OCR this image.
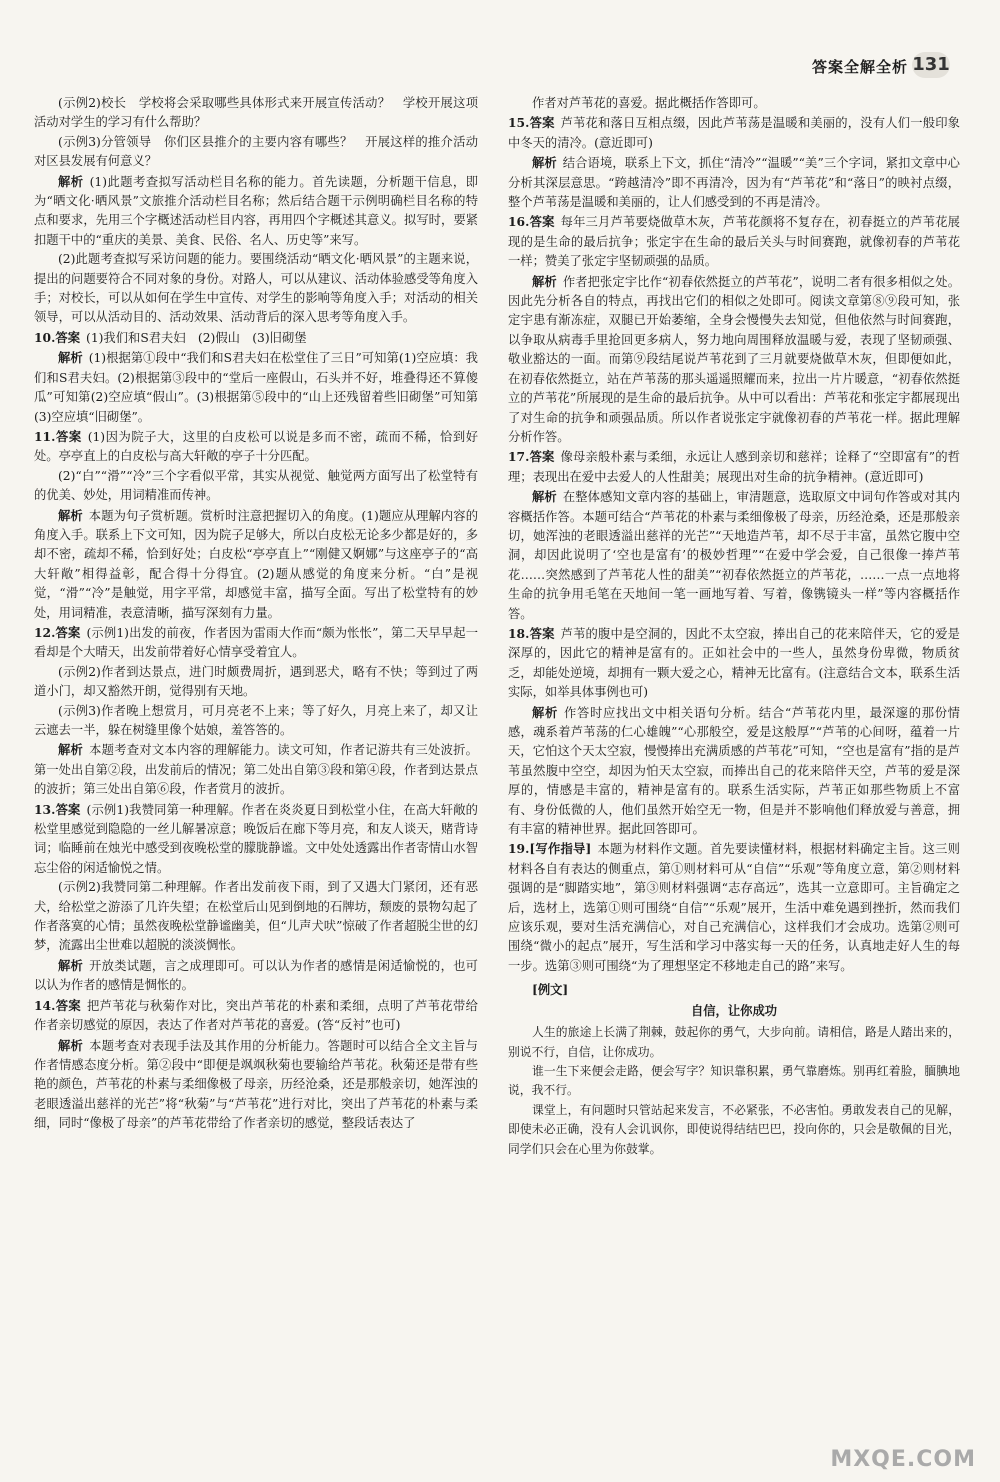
答案全解全析 131

(示例2)校长　学校将会采取哪些具体形式来开展宣传活动？　学校开展这项活动对学生的学习有什么帮助？

(示例3)分管领导　你们区县推介的主要内容有哪些？　开展这样的推介活动对区县发展有何意义？

解析 (1)此题考查拟写活动栏目名称的能力。首先读题，分析题干信息，即为“晒文化·晒风景”文旅推介活动栏目名称；然后结合题干示例明确栏目名称的特点和要求，先用三个字概述活动栏目内容，再用四个字概述其意义。拟写时，要紧扣题干中的“重庆的美景、美食、民俗、名人、历史等”来写。

(2)此题考查拟写采访问题的能力。要围绕活动“晒文化·晒风景”的主题来说，提出的问题要符合不同对象的身份。对路人，可以从建议、活动体验感受等角度入手；对校长，可以从如何在学生中宣传、对学生的影响等角度入手；对活动的相关领导，可以从活动目的、活动效果、活动背后的深入思考等角度入手。

10.答案 (1)我们和S君夫妇　(2)假山　(3)旧砌堡

解析 (1)根据第①段中“我们和S君夫妇在松堂住了三日”可知第(1)空应填：我们和S君夫妇。(2)根据第③段中的“堂后一座假山，石头并不好，堆叠得还不算傻瓜”可知第(2)空应填“假山”。(3)根据第⑤段中的“山上还残留着些旧砌堡”可知第(3)空应填“旧砌堡”。

11.答案 (1)因为院子大，这里的白皮松可以说是多而不密，疏而不稀，恰到好处。亭亭直上的白皮松与高大轩敞的亭子十分匹配。

(2)“白”“滑”“冷”三个字看似平常，其实从视觉、触觉两方面写出了松堂特有的优美、妙处，用词精准而传神。

解析 本题为句子赏析题。赏析时注意把握切入的角度。(1)题应从理解内容的角度入手。联系上下文可知，因为院子足够大，所以白皮松无论多少都是好的，多却不密，疏却不稀，恰到好处；白皮松“亭亭直上”“刚健又婀娜”与这座亭子的“高大轩敞”相得益彰，配合得十分得宜。(2)题从感觉的角度来分析。“白”是视觉，“滑”“冷”是触觉，用字平常，却感觉丰富，描写全面。写出了松堂特有的妙处，用词精准，表意清晰，描写深刻有力量。

12.答案 (示例1)出发的前夜，作者因为雷雨大作而“颇为怅怅”，第二天早早起一看却是个大晴天，出发前带着好心情享受着宜人。

(示例2)作者到达景点，进门时颇费周折，遇到恶犬，略有不快；等到过了两道小门，却又豁然开朗，觉得别有天地。

(示例3)作者晚上想赏月，可月亮老不上来；等了好久，月亮上来了，却又让云遮去一半，躲在树缝里像个姑娘，羞答答的。

解析 本题考查对文本内容的理解能力。读文可知，作者记游共有三处波折。第一处出自第②段，出发前后的情况；第二处出自第③段和第④段，作者到达景点的波折；第三处出自第⑥段，作者赏月的波折。

13.答案 (示例1)我赞同第一种理解。作者在炎炎夏日到松堂小住，在高大轩敞的松堂里感觉到隐隐的一丝儿解暑凉意；晚饭后在廊下等月亮，和友人谈天，赌背诗词；临睡前在烛光中感受到夜晚松堂的朦胧静谧。文中处处透露出作者寄情山水智忘尘俗的闲适愉悦之情。

(示例2)我赞同第二种理解。作者出发前夜下雨，到了又遇大门紧闭，还有恶犬，给松堂之游添了几许失望；在松堂后山见到倒地的石牌坊，颓废的景物勾起了作者落寞的心情；虽然夜晚松堂静谧幽美，但“儿声犬吠”惊破了作者超脱尘世的幻梦，流露出尘世难以超脱的淡淡惆怅。

解析 开放类试题，言之成理即可。可以认为作者的感情是闲适愉悦的，也可以认为作者的感情是惆怅的。

14.答案 把芦苇花与秋菊作对比，突出芦苇花的朴素和柔细，点明了芦苇花带给作者亲切感觉的原因，表达了作者对芦苇花的喜爱。(答“反衬”也可)

解析 本题考查对表现手法及其作用的分析能力。答题时可以结合全文主旨与作者情感态度分析。第②段中“即便是飒飒秋菊也要输给芦苇花。秋菊还是带有些艳的颜色，芦苇花的朴素与柔细像极了母亲，历经沧桑，还是那般亲切，她浑浊的老眼透溢出慈祥的光芒”将“秋菊”与“芦苇花”进行对比，突出了芦苇花的朴素与柔细，同时“像极了母亲”的芦苇花带给了作者亲切的感觉，整段话表达了

作者对芦苇花的喜爱。据此概括作答即可。

15.答案 芦苇花和落日互相点缀，因此芦苇荡是温暖和美丽的，没有人们一般印象中冬天的清冷。(意近即可)

解析 结合语境，联系上下文，抓住“清冷”“温暖”“美”三个字词，紧扣文章中心分析其深层意思。“跨越清冷”即不再清冷，因为有“芦苇花”和“落日”的映衬点缀，整个芦苇荡是温暖和美丽的，让人们感受到的不再是清冷。

16.答案 每年三月芦苇要烧做草木灰，芦苇花颜将不复存在，初春挺立的芦苇花展现的是生命的最后抗争；张定宇在生命的最后关头与时间赛跑，就像初春的芦苇花一样；赞美了张定宇坚韧顽强的品质。

解析 作者把张定宇比作“初春依然挺立的芦苇花”，说明二者有很多相似之处。因此先分析各自的特点，再找出它们的相似之处即可。阅读文章第⑧⑨段可知，张定宇患有渐冻症，双腿已开始萎缩，全身会慢慢失去知觉，但他依然与时间赛跑，以争取从病毒手里抢回更多病人，努力地向周围释放温暖与爱，表现了坚韧顽强、敬业豁达的一面。而第⑨段结尾说芦苇花到了三月就要烧做草木灰，但即便如此，在初春依然挺立，站在芦苇荡的那头遥遥照耀而来，拉出一片片暖意，“初春依然挺立的芦苇花”所展现的是生命的最后抗争。从中可以看出：芦苇花和张定宇都展现出了对生命的抗争和顽强品质。所以作者说张定宇就像初春的芦苇花一样。据此理解分析作答。

17.答案 像母亲般朴素与柔细，永远让人感到亲切和慈祥；诠释了“空即富有”的哲理；表现出在爱中去爱人的人性甜美；展现出对生命的抗争精神。(意近即可)

解析 在整体感知文章内容的基础上，审清题意，选取原文中词句作答或对其内容概括作答。本题可结合“芦苇花的朴素与柔细像极了母亲，历经沧桑，还是那般亲切，她浑浊的老眼透溢出慈祥的光芒”“天地造芦苇，却不尽于丰富，虽然它腹中空洞，却因此说明了‘空也是富有’的极妙哲理”“在爱中学会爱，自己很像一捧芦苇花……突然感到了芦苇花人性的甜美”“初春依然挺立的芦苇花，……一点一点地将生命的抗争用毛笔在天地间一笔一画地写着、写着，像镌镜头一样”等内容概括作答。

18.答案 芦苇的腹中是空洞的，因此不太空寂，捧出自己的花来陪伴天，它的爱是深厚的，因此它的精神是富有的。正如社会中的一些人，虽然身份卑微，物质贫乏，却能处逆境，却拥有一颗大爱之心，精神无比富有。(注意结合文本，联系生活实际，如举具体事例也可)

解析 作答时应找出文中相关语句分析。结合“芦苇花内里，最深邃的那份情感，魂系着芦苇荡的仁心雄魄”“心那般空，爱是这般厚”“芦苇的心间呀，蕴着一片天，它怕这个天太空寂，慢慢捧出充满质感的芦苇花”可知，“空也是富有”指的是芦苇虽然腹中空空，却因为怕天太空寂，而捧出自己的花来陪伴天空，芦苇的爱是深厚的，情感是丰富的，精神是富有的。联系生活实际，芦苇正如那些物质上不富有、身份低微的人，他们虽然开始空无一物，但是并不影响他们释放爱与善意，拥有丰富的精神世界。据此回答即可。

19.[写作指导] 本题为材料作文题。首先要读懂材料，根据材料确定主旨。这三则材料各自有表达的侧重点，第①则材料可从“自信”“乐观”等角度立意，第②则材料强调的是“脚踏实地”，第③则材料强调“志存高远”，选其一立意即可。主旨确定之后，选材上，选第①则可围绕“自信”“乐观”展开，生活中难免遇到挫折，然而我们应该乐观，要对生活充满信心，对自己充满信心，这样我们才会成功。选第②则可围绕“微小的起点”展开，写生活和学习中落实每一天的任务，认真地走好人生的每一步。选第③则可围绕“为了理想坚定不移地走自己的路”来写。

[例文]
自信，让你成功

人生的旅途上长满了荆棘，鼓起你的勇气，大步向前。请相信，路是人踏出来的，别说不行，自信，让你成功。

谁一生下来便会走路，便会写字？知识靠积累，勇气靠磨炼。别再红着脸，腼腆地说，我不行。

课堂上，有问题时只管站起来发言，不必紧张，不必害怕。勇敢发表自己的见解，即使未必正确，没有人会讥讽你，即使说得结结巴巴，投向你的，只会是敬佩的目光，同学们只会在心里为你鼓掌。

MXQE.COM
